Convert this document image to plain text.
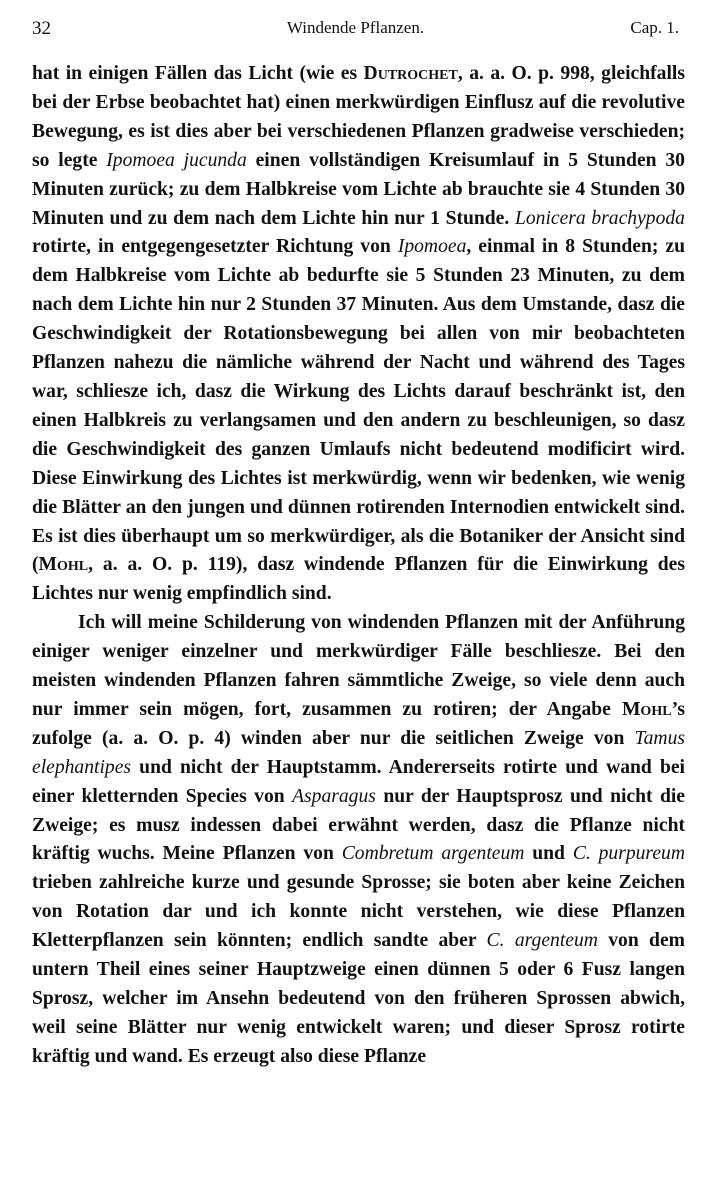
32	Windende Pflanzen.	Cap. 1.

hat in einigen Fällen das Licht (wie es Dutrochet, a. a. O. p. 998, gleichfalls bei der Erbse beobachtet hat) einen merkwürdigen Einflusz auf die revolutive Bewegung, es ist dies aber bei verschiedenen Pflanzen gradweise verschieden; so legte Ipomoea jucunda einen vollständigen Kreisumlauf in 5 Stunden 30 Minuten zurück; zu dem Halbkreise vom Lichte ab brauchte sie 4 Stunden 30 Minuten und zu dem nach dem Lichte hin nur 1 Stunde. Lonicera brachypoda rotirte, in entgegengesetzter Richtung von Ipomoea, einmal in 8 Stunden; zu dem Halbkreise vom Lichte ab bedurfte sie 5 Stunden 23 Minuten, zu dem nach dem Lichte hin nur 2 Stunden 37 Minuten. Aus dem Umstande, dasz die Geschwindigkeit der Rotationsbewegung bei allen von mir beobachteten Pflanzen nahezu die nämliche während der Nacht und während des Tages war, schliesze ich, dasz die Wirkung des Lichts darauf beschränkt ist, den einen Halbkreis zu verlangsamen und den andern zu beschleunigen, so dasz die Geschwindigkeit des ganzen Umlaufs nicht bedeutend modificirt wird. Diese Einwirkung des Lichtes ist merkwürdig, wenn wir bedenken, wie wenig die Blätter an den jungen und dünnen rotirenden Internodien entwickelt sind. Es ist dies überhaupt um so merkwürdiger, als die Botaniker der Ansicht sind (Mohl, a. a. O. p. 119), dasz windende Pflanzen für die Einwirkung des Lichtes nur wenig empfindlich sind.

Ich will meine Schilderung von windenden Pflanzen mit der Anführung einiger weniger einzelner und merkwürdiger Fälle beschliesze. Bei den meisten windenden Pflanzen fahren sämmtliche Zweige, so viele denn auch nur immer sein mögen, fort, zusammen zu rotiren; der Angabe Mohl’s zufolge (a. a. O. p. 4) winden aber nur die seitlichen Zweige von Tamus elephantipes und nicht der Hauptstamm. Andererseits rotirte und wand bei einer kletternden Species von Asparagus nur der Hauptsprosz und nicht die Zweige; es musz indessen dabei erwähnt werden, dasz die Pflanze nicht kräftig wuchs. Meine Pflanzen von Combretum argenteum und C. purpureum trieben zahlreiche kurze und gesunde Sprosse; sie boten aber keine Zeichen von Rotation dar und ich konnte nicht verstehen, wie diese Pflanzen Kletterpflanzen sein könnten; endlich sandte aber C. argenteum von dem untern Theil eines seiner Hauptzweige einen dünnen 5 oder 6 Fusz langen Sprosz, welcher im Ansehn bedeutend von den früheren Sprossen abwich, weil seine Blätter nur wenig entwickelt waren; und dieser Sprosz rotirte kräftig und wand. Es erzeugt also diese Pflanze
